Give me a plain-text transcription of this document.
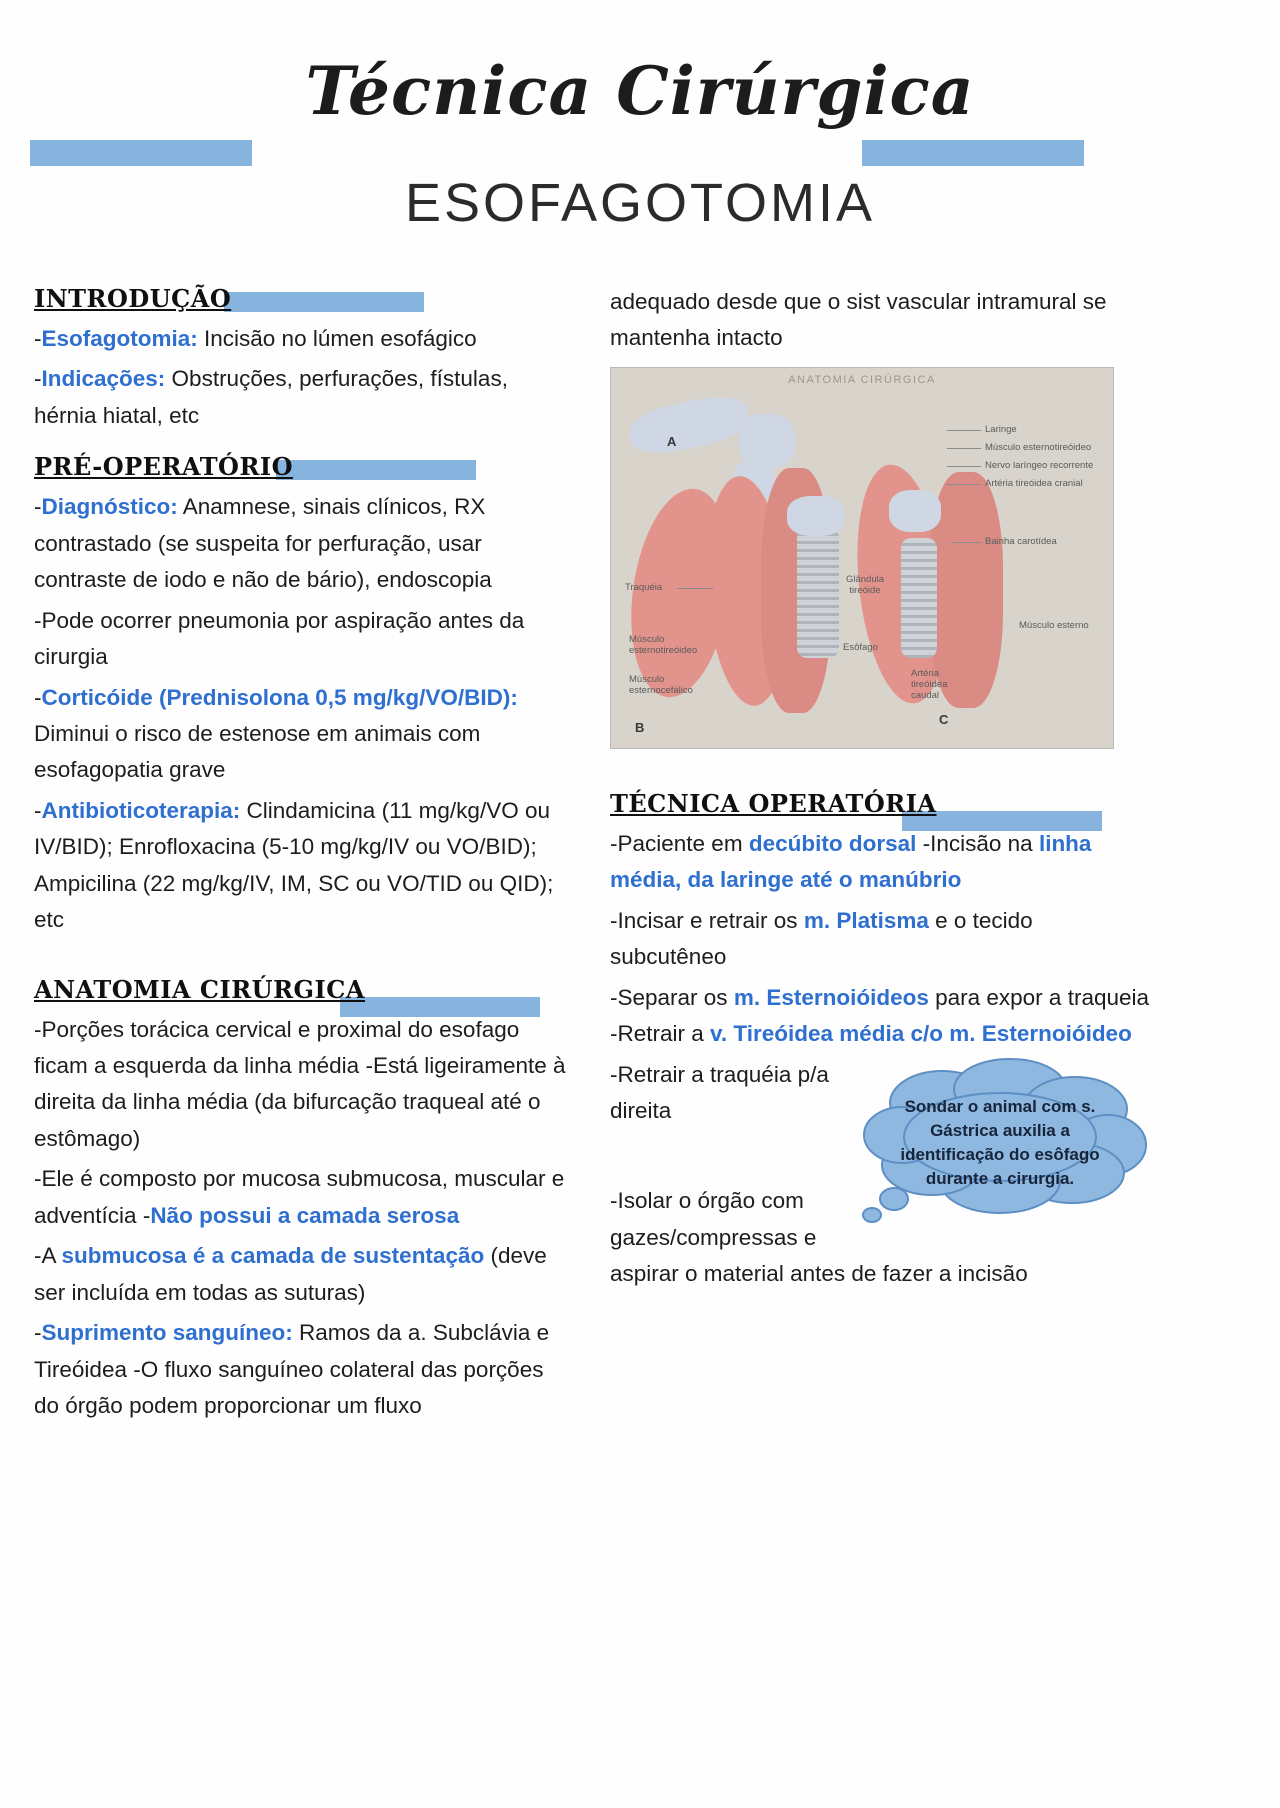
Técnica Cirúrgica
ESOFAGOTOMIA
INTRODUÇÃO
-Esofagotomia: Incisão no lúmen esofágico
-Indicações: Obstruções, perfurações, fístulas, hérnia hiatal, etc
PRÉ-OPERATÓRIO
-Diagnóstico: Anamnese, sinais clínicos, RX contrastado (se suspeita for perfuração, usar contraste de iodo e não de bário), endoscopia
-Pode ocorrer pneumonia por aspiração antes da cirurgia
-Corticóide (Prednisolona 0,5 mg/kg/VO/BID): Diminui o risco de estenose em animais com esofagopatia grave
-Antibioticoterapia: Clindamicina (11 mg/kg/VO ou IV/BID); Enrofloxacina (5-10 mg/kg/IV ou VO/BID); Ampicilina (22 mg/kg/IV, IM, SC ou VO/TID ou QID); etc
ANATOMIA CIRÚRGICA
-Porções torácica cervical e proximal do esofago ficam a esquerda da linha média -Está ligeiramente à direita da linha média (da bifurcação traqueal até o estômago)
-Ele é composto por mucosa submucosa, muscular e adventícia -Não possui a camada serosa
-A submucosa é a camada de sustentação (deve ser incluída em todas as suturas)
-Suprimento sanguíneo: Ramos da a. Subclávia e Tireóidea -O fluxo sanguíneo colateral das porções do órgão podem proporcionar um fluxo
adequado desde que o sist vascular intramural se mantenha intacto
ANATOMIA CIRÚRGICA
A
B
C
Laringe
Músculo esternotireóideo
Nervo laríngeo recorrente
Artéria tireóidea cranial
Bainha carotídea
Traquéia
Glândula tireóide
Músculo esternotireóideo
Músculo esternocefálico
Esôfago
Artéria tireóidea caudal
Músculo esterno
TÉCNICA OPERATÓRIA
-Paciente em decúbito dorsal -Incisão na linha média, da laringe até o manúbrio
-Incisar e retrair os m. Platisma e o tecido subcutêneo
-Separar os m. Esternoióideos para expor a traqueia -Retrair a v. Tireóidea média c/o m. Esternoióideo
Sondar o animal com s. Gástrica auxilia a identificação do esôfago durante a cirurgia.
-Retrair a traquéia p/a direita
-Isolar o órgão com gazes/compressas e aspirar o material antes de fazer a incisão
